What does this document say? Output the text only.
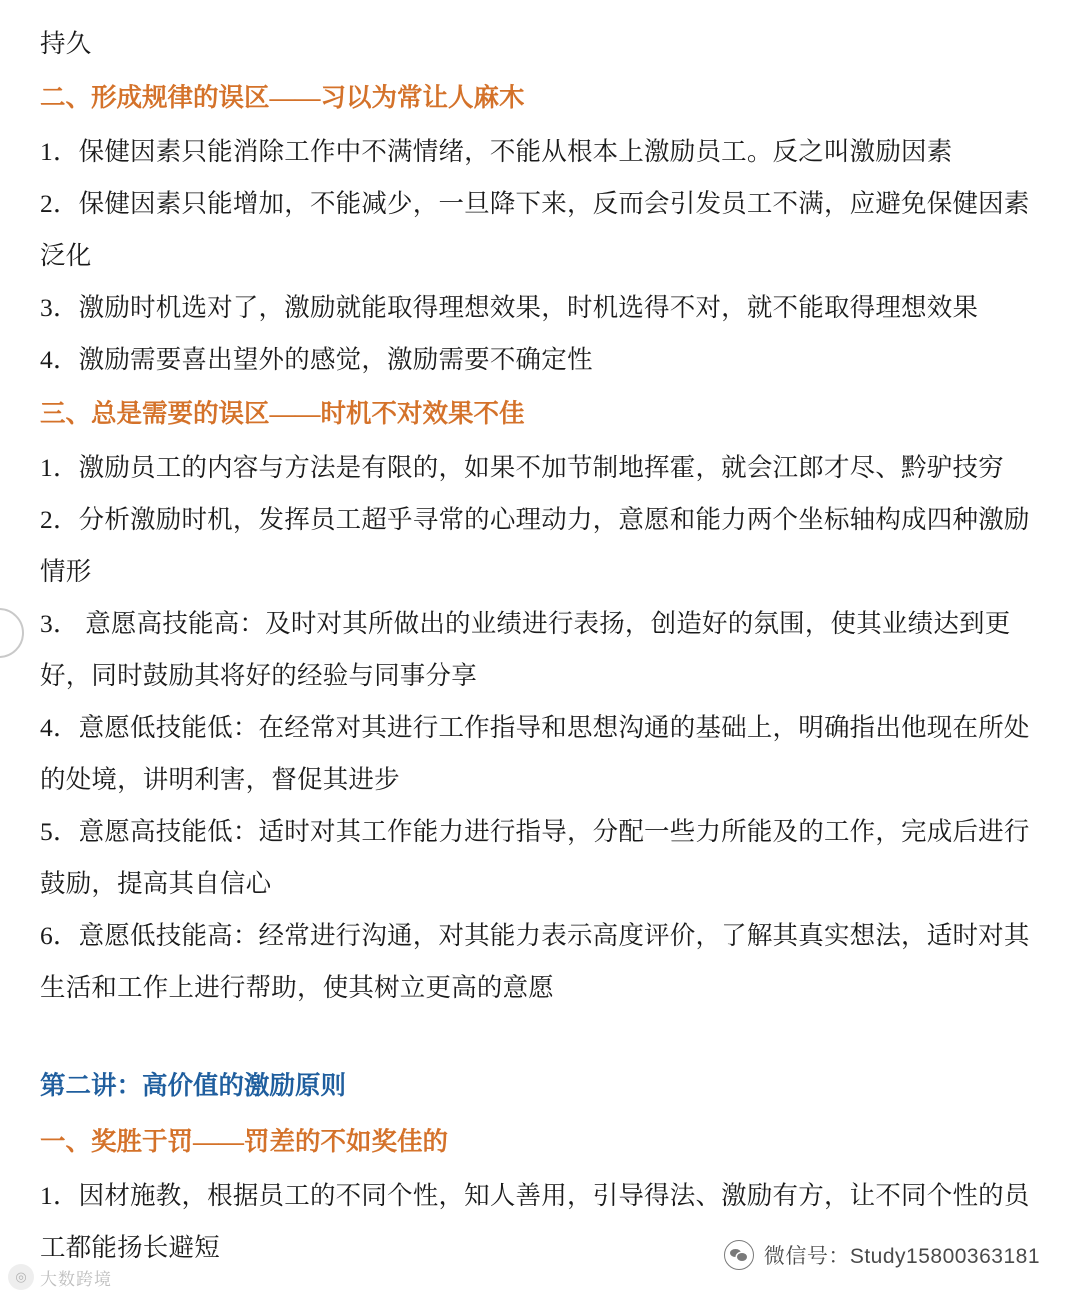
持久
二、形成规律的误区——习以为常让人麻木
1．保健因素只能消除工作中不满情绪，不能从根本上激励员工。反之叫激励因素
2．保健因素只能增加，不能减少，一旦降下来，反而会引发员工不满，应避免保健因素
泛化
3．激励时机选对了，激励就能取得理想效果，时机选得不对，就不能取得理想效果
4．激励需要喜出望外的感觉，激励需要不确定性
三、总是需要的误区——时机不对效果不佳
1．激励员工的内容与方法是有限的，如果不加节制地挥霍，就会江郎才尽、黔驴技穷
2．分析激励时机，发挥员工超乎寻常的心理动力，意愿和能力两个坐标轴构成四种激励
情形
3． 意愿高技能高：及时对其所做出的业绩进行表扬，创造好的氛围，使其业绩达到更
好，同时鼓励其将好的经验与同事分享
4．意愿低技能低：在经常对其进行工作指导和思想沟通的基础上，明确指出他现在所处
的处境，讲明利害，督促其进步
5．意愿高技能低：适时对其工作能力进行指导，分配一些力所能及的工作，完成后进行
鼓励，提高其自信心
6．意愿低技能高：经常进行沟通，对其能力表示高度评价，了解其真实想法，适时对其
生活和工作上进行帮助，使其树立更高的意愿
第二讲：高价值的激励原则
一、奖胜于罚——罚差的不如奖佳的
1．因材施教，根据员工的不同个性，知人善用，引导得法、激励有方，让不同个性的员
工都能扬长避短
◎ 大数跨境
微信号：Study15800363181
